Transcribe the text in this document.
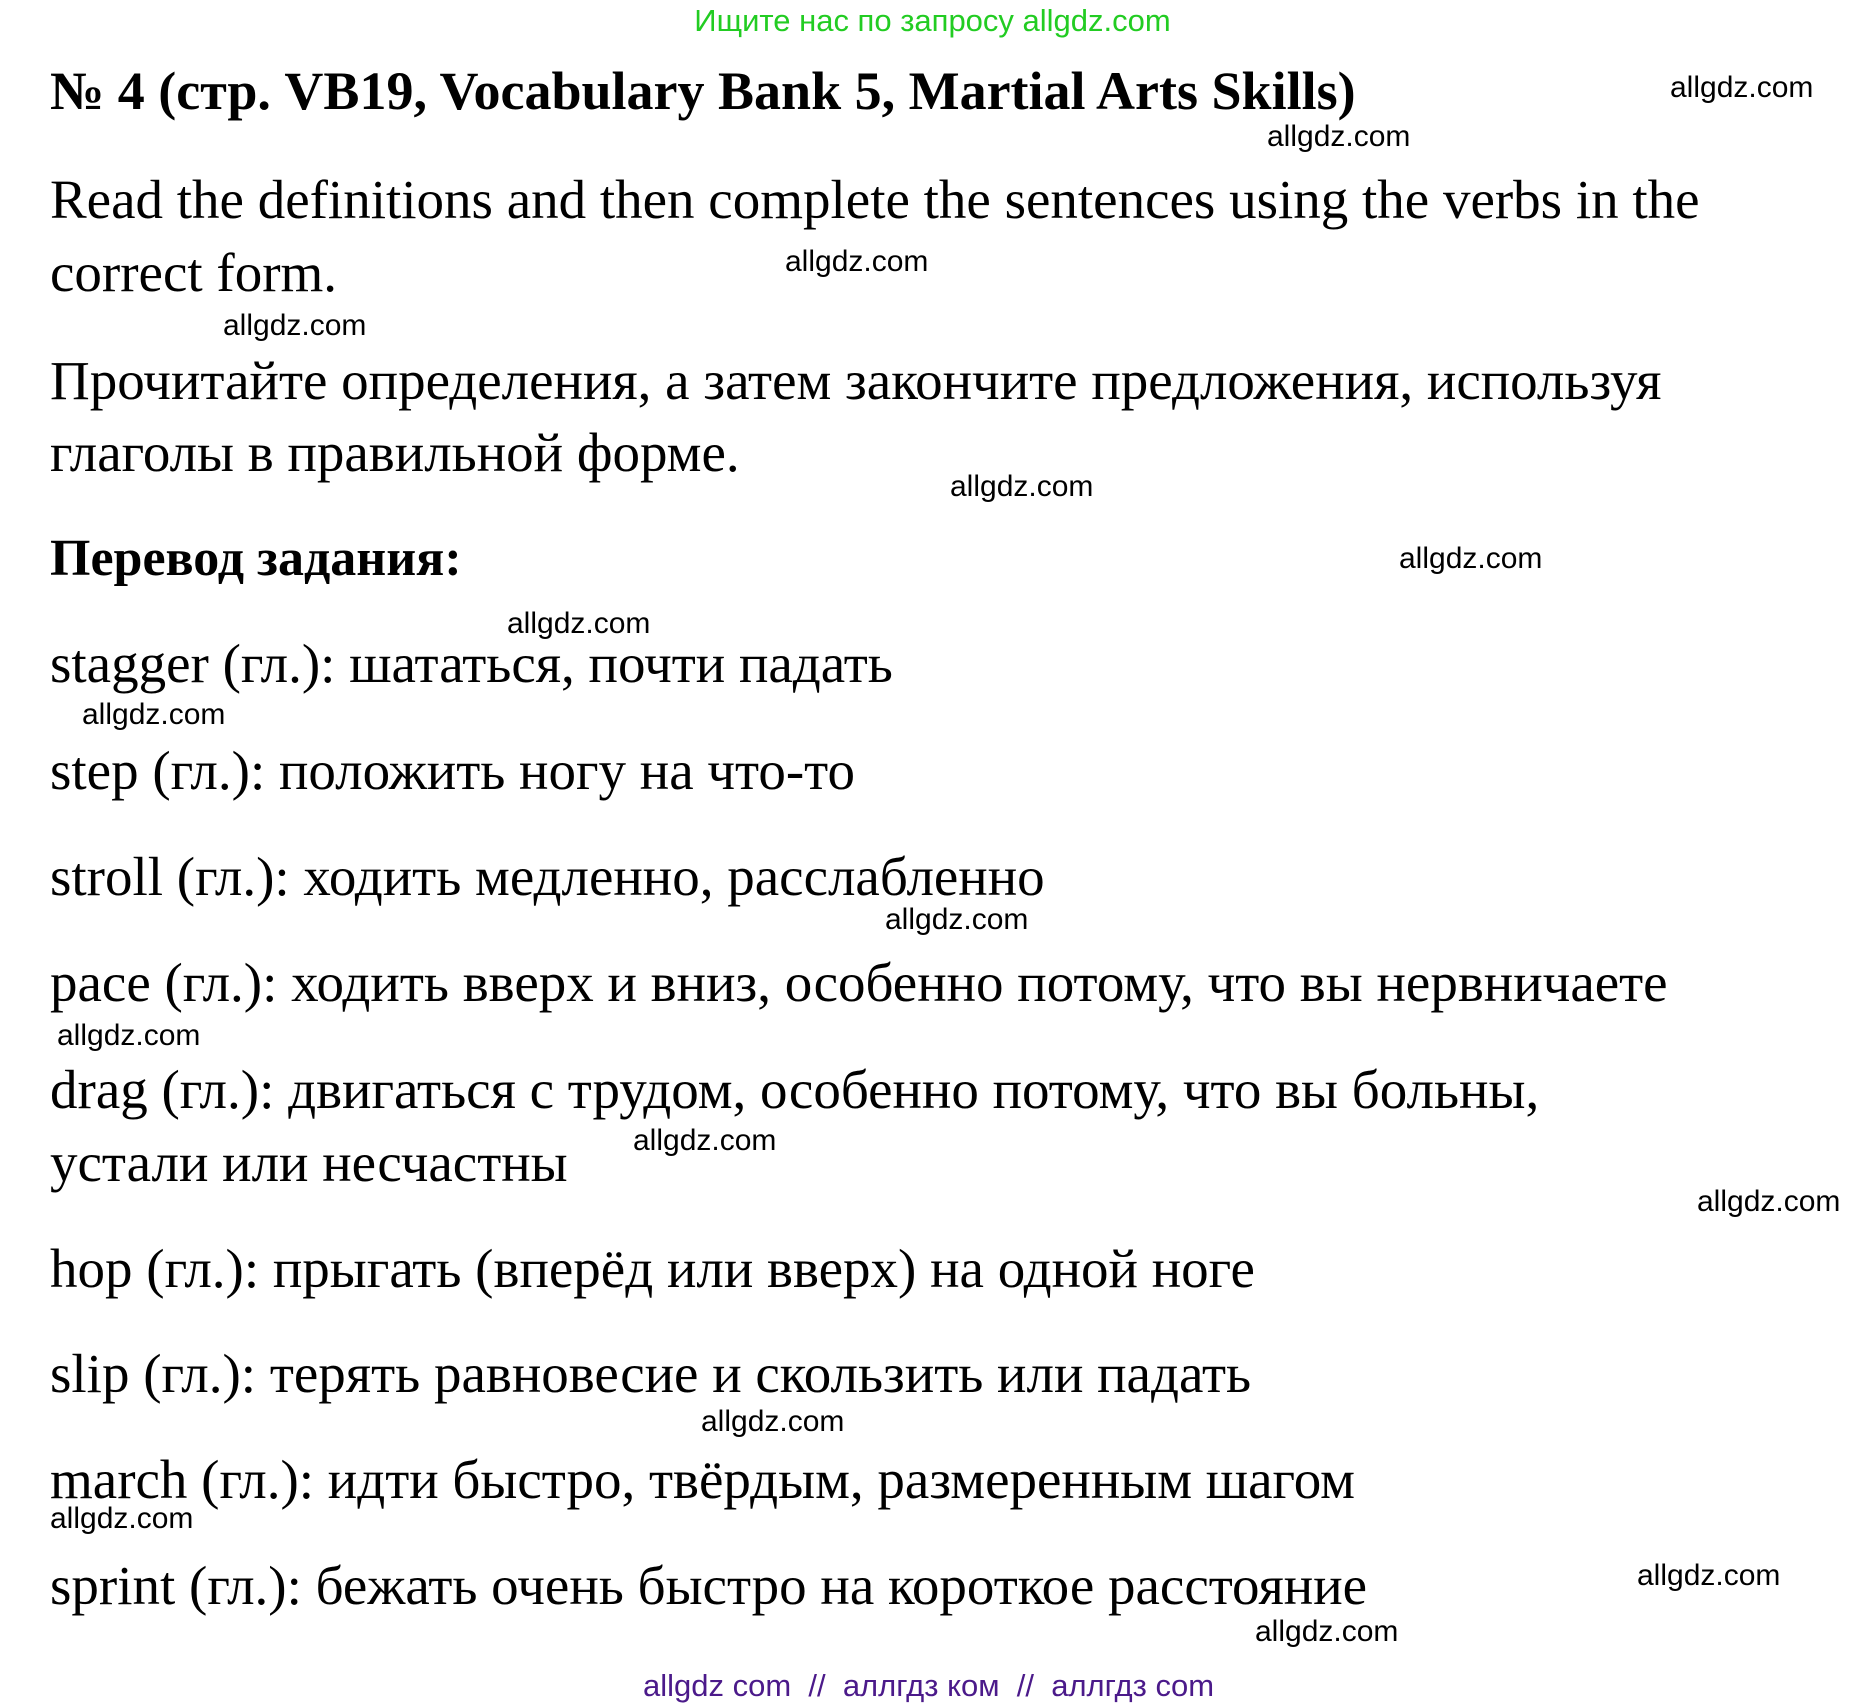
Ищите нас по запросу allgdz.com
№ 4 (стр. VB19, Vocabulary Bank 5, Martial Arts Skills)
Read the definitions and then complete the sentences using the verbs in the
correct form.
Прочитайте определения, а затем закончите предложения, используя
глаголы в правильной форме.
Перевод задания:
stagger (гл.): шататься, почти падать
step (гл.): положить ногу на что-то
stroll (гл.): ходить медленно, расслабленно
pace (гл.): ходить вверх и вниз, особенно потому, что вы нервничаете
drag (гл.): двигаться с трудом, особенно потому, что вы больны,
устали или несчастны
hop (гл.): прыгать (вперёд или вверх) на одной ноге
slip (гл.): терять равновесие и скользить или падать
march (гл.): идти быстро, твёрдым, размеренным шагом
sprint (гл.): бежать очень быстро на короткое расстояние
allgdz.com
allgdz.com
allgdz.com
allgdz.com
allgdz.com
allgdz.com
allgdz.com
allgdz.com
allgdz.com
allgdz.com
allgdz.com
allgdz.com
allgdz.com
allgdz.com
allgdz.com
allgdz.com
allgdz com  //  аллгдз ком  //  аллгдз com
